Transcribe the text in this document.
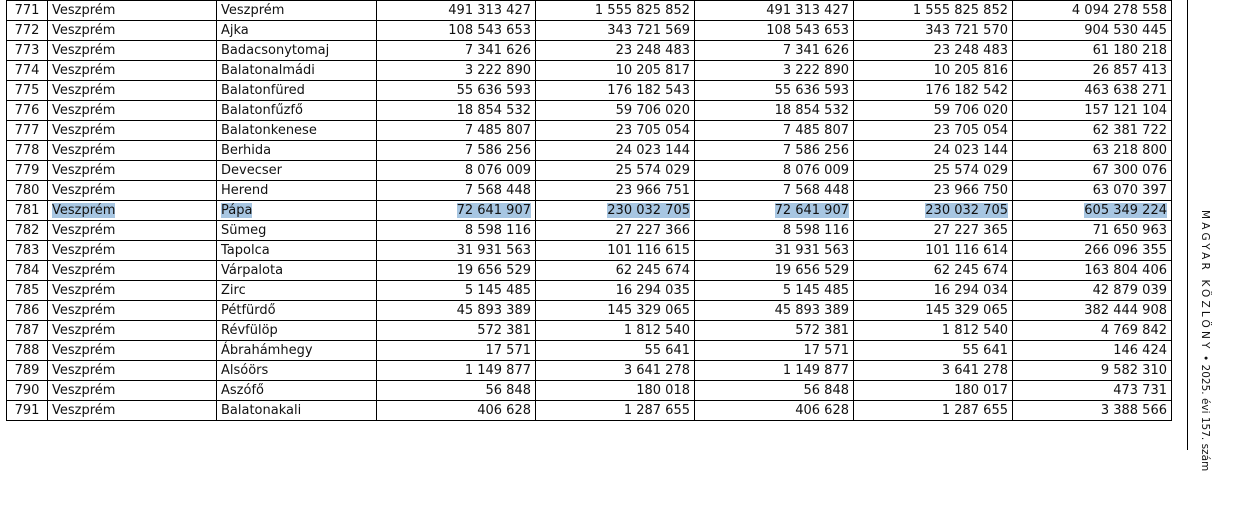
771	Veszprém	Veszprém	491 313 427	1 555 825 852	491 313 427	1 555 825 852	4 094 278 558
772	Veszprém	Ajka	108 543 653	343 721 569	108 543 653	343 721 570	904 530 445
773	Veszprém	Badacsonytomaj	7 341 626	23 248 483	7 341 626	23 248 483	61 180 218
774	Veszprém	Balatonalmádi	3 222 890	10 205 817	3 222 890	10 205 816	26 857 413
775	Veszprém	Balatonfüred	55 636 593	176 182 543	55 636 593	176 182 542	463 638 271
776	Veszprém	Balatonfűzfő	18 854 532	59 706 020	18 854 532	59 706 020	157 121 104
777	Veszprém	Balatonkenese	7 485 807	23 705 054	7 485 807	23 705 054	62 381 722
778	Veszprém	Berhida	7 586 256	24 023 144	7 586 256	24 023 144	63 218 800
779	Veszprém	Devecser	8 076 009	25 574 029	8 076 009	25 574 029	67 300 076
780	Veszprém	Herend	7 568 448	23 966 751	7 568 448	23 966 750	63 070 397
781	Veszprém	Pápa	72 641 907	230 032 705	72 641 907	230 032 705	605 349 224
782	Veszprém	Sümeg	8 598 116	27 227 366	8 598 116	27 227 365	71 650 963
783	Veszprém	Tapolca	31 931 563	101 116 615	31 931 563	101 116 614	266 096 355
784	Veszprém	Várpalota	19 656 529	62 245 674	19 656 529	62 245 674	163 804 406
785	Veszprém	Zirc	5 145 485	16 294 035	5 145 485	16 294 034	42 879 039
786	Veszprém	Pétfürdő	45 893 389	145 329 065	45 893 389	145 329 065	382 444 908
787	Veszprém	Révfülöp	572 381	1 812 540	572 381	1 812 540	4 769 842
788	Veszprém	Ábrahámhegy	17 571	55 641	17 571	55 641	146 424
789	Veszprém	Alsóörs	1 149 877	3 641 278	1 149 877	3 641 278	9 582 310
790	Veszprém	Aszófő	56 848	180 018	56 848	180 017	473 731
791	Veszprém	Balatonakali	406 628	1 287 655	406 628	1 287 655	3 388 566
MAGYAR KÖZLÖNY • 2025. évi 157. szám
